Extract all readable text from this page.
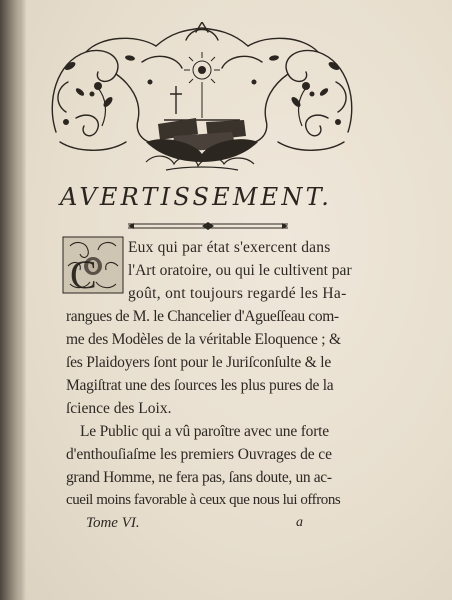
AVERTISSEMENT.
C
Eux qui par état s'exercent dans
l'Art oratoire, ou qui le cultivent par
goût, ont toujours regardé les Ha-
rangues de M. le Chancelier d'Agueſſeau com-
me des Modèles de la véritable Eloquence ; &
ſes Plaidoyers ſont pour le Juriſconſulte & le
Magiſtrat une des ſources les plus pures de la
ſcience des Loix.
Le Public qui a vû paroître avec une forte
d'enthouſiaſme les premiers Ouvrages de ce
grand Homme, ne fera pas, ſans doute, un ac-
cueil moins favorable à ceux que nous lui offrons
Tome VI.	a
